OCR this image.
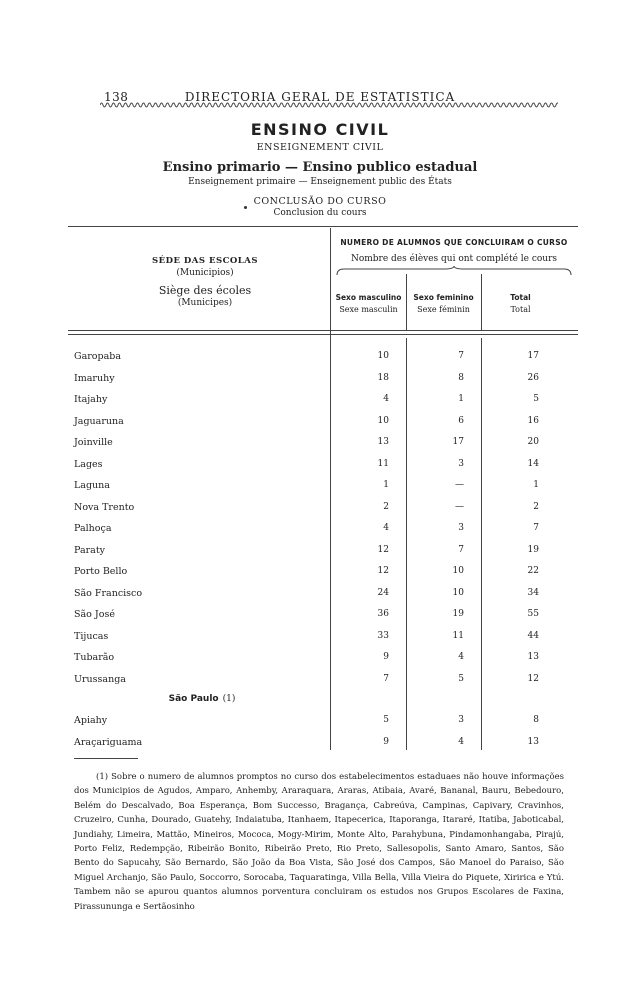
138	DIRECTORIA GERAL DE ESTATISTICA
ENSINO CIVIL
ENSEIGNEMENT CIVIL
Ensino primario — Ensino publico estadual
Enseignement primaire — Enseignement public des États
CONCLUSÃO DO CURSO
Conclusion du cours
SÉDE DAS ESCOLAS
(Municipios)
Siège des écoles
(Municipes)
NUMERO DE ALUMNOS QUE CONCLUIRAM O CURSO
Nombre des élèves qui ont complété le cours
Sexo masculino
Sexe masculin
Sexo feminino
Sexe féminin
Total
Total
Garopaba	10	7	17
Imaruhy	18	8	26
Itajahy	4	1	5
Jaguaruna	10	6	16
Joinville	13	17	20
Lages	11	3	14
Laguna	1	—	1
Nova Trento	2	—	2
Palhoça	4	3	7
Paraty	12	7	19
Porto Bello	12	10	22
São Francisco	24	10	34
São José	36	19	55
Tijucas	33	11	44
Tubarão	9	4	13
Urussanga	7	5	12
São Paulo (1)
Apiahy	5	3	8
Araçariguama	9	4	13
(1) Sobre o numero de alumnos promptos no curso dos estabelecimentos estaduaes não houve informações dos Municipios de Agudos, Amparo, Anhemby, Araraquara, Araras, Atibaia, Avaré, Bananal, Bauru, Bebedouro, Belém do Descalvado, Boa Esperança, Bom Successo, Bragança, Cabreúva, Campinas, Capivary, Cravinhos, Cruzeiro, Cunha, Dourado, Guatehy, Indaiatuba, Itanhaem, Itapecerica, Itaporanga, Itararé, Itatiba, Jaboticabal, Jundiahy, Limeira, Mattão, Mineiros, Mococa, Mogy-Mirim, Monte Alto, Parahybuna, Pindamonhangaba, Pirajú, Porto Feliz, Redempção, Ribeirão Bonito, Ribeirão Preto, Rio Preto, Sallesopolis, Santo Amaro, Santos, São Bento do Sapucahy, São Bernardo, São João da Boa Vista, São José dos Campos, São Manoel do Paraiso, São Miguel Archanjo, São Paulo, Soccorro, Sorocaba, Taquaratinga, Villa Bella, Villa Vieira do Piquete, Xiririca e Ytú. Tambem não se apurou quantos alumnos porventura concluiram os estudos nos Grupos Escolares de Faxina, Pirassununga e Sertãosinho
